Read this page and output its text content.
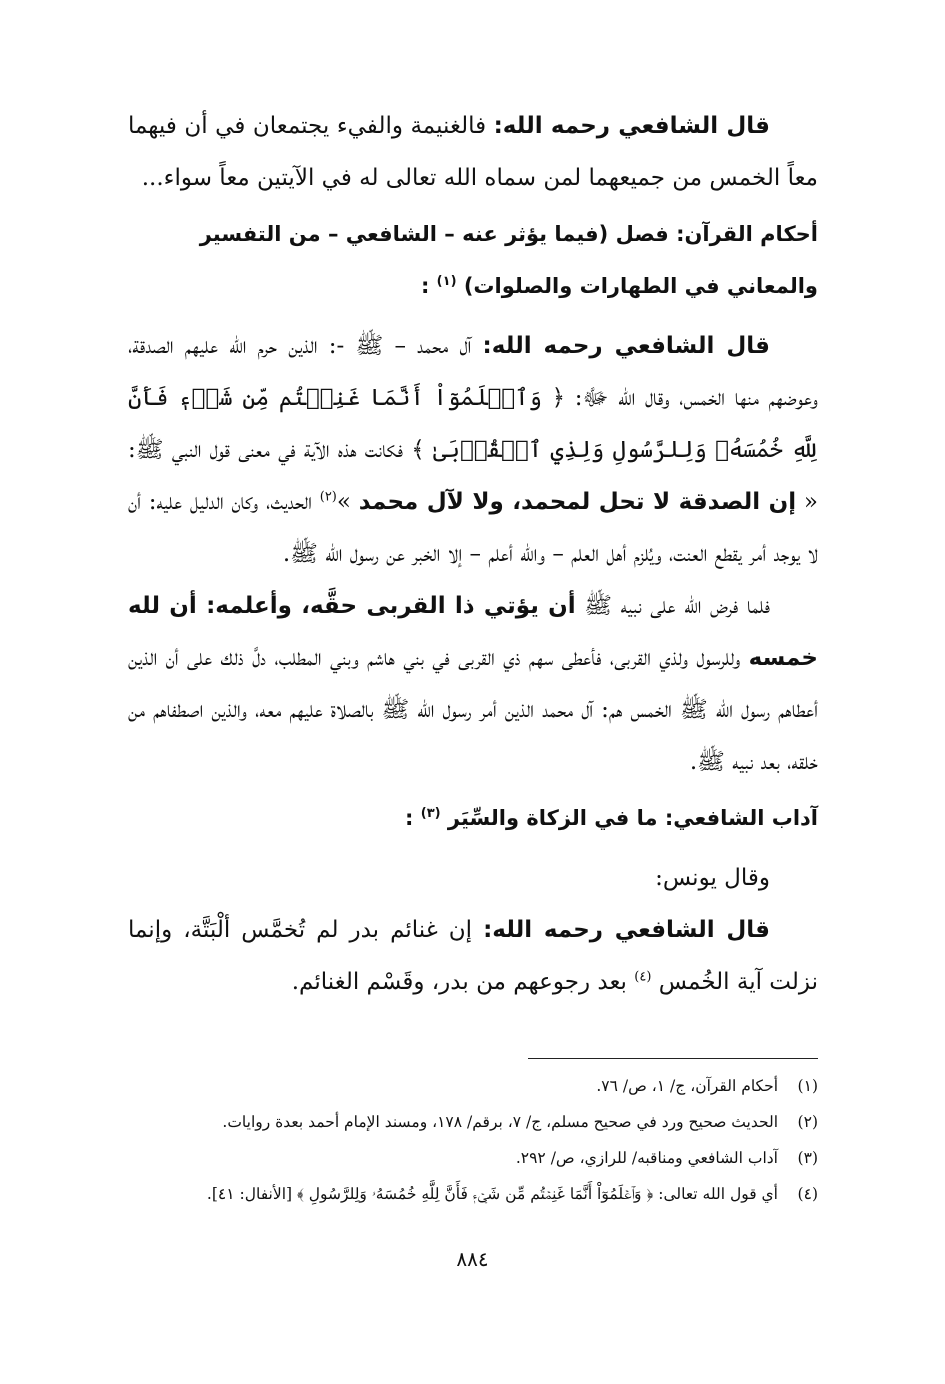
قال الشافعي رحمه الله: فالغنيمة والفيء يجتمعان في أن فيهما معاً الخمس من جميعهما لمن سماه الله تعالى له في الآيتين معاً سواء...

أحكام القرآن: فصل (فيما يؤثر عنه – الشافعي – من التفسير والمعاني في الطهارات والصلوات) $^{(١)}$ :

قال الشافعي رحمه الله: آل محمد – ﷺ -: الذين حرم الله عليهم الصدقة، وعوضهم منها الخمس، وقال الله ﷻ: ﴿ وَٱعۡلَمُوٓاْ أَنَّمَا غَنِمۡتُم مِّن شَيۡءٖ فَأَنَّ لِلَّهِ خُمُسَهُۥ وَلِلرَّسُولِ وَلِذِي ٱلۡقُرۡبَىٰ ﴾ فكانت هذه الآية في معنى قول النبي ﷺ: « إن الصدقة لا تحل لمحمد، ولا لآل محمد »$^{(٢)}$ الحديث، وكان الدليل عليه: أن لا يوجد أمر يقطع العنت، ويُلزم أهل العلم – والله أعلم – إلا الخبر عن رسول الله ﷺ.

فلما فرض الله على نبيه ﷺ أن يؤتي ذا القربى حقَّه، وأعلمه: أن لله خمسه وللرسول ولذي القربى، فأعطى سهم ذي القربى في بني هاشم وبني المطلب، دلَّ ذلك على أن الذين أعطاهم رسول الله ﷺ الخمس هم: آل محمد الذين أمر رسول الله ﷺ بالصلاة عليهم معه، والذين اصطفاهم من خلقه، بعد نبيه ﷺ.

آداب الشافعي: ما في الزكاة والسِّيَر $^{(٣)}$ :

وقال يونس:

قال الشافعي رحمه الله: إن غنائم بدر لم تُخمَّس ألْبَتَّة، وإنما نزلت آية الخُمس $^{(٤)}$ بعد رجوعهم من بدر، وقَسْم الغنائم.

(١)
أحكام القرآن، ج/ ١، ص/ ٧٦.
(٢)
الحديث صحيح ورد في صحيح مسلم، ج/ ٧، برقم/ ١٧٨، ومسند الإمام أحمد بعدة روايات.
(٣)
آداب الشافعي ومناقبه/ للرازي، ص/ ٢٩٢.
(٤)
أي قول الله تعالى: ﴿ وَٱعۡلَمُوٓاْ أَنَّمَا غَنِمۡتُم مِّن شَيۡءٖ فَأَنَّ لِلَّهِ خُمُسَهُۥ وَلِلرَّسُولِ ﴾ [الأنفال: ٤١].
٨٨٤
